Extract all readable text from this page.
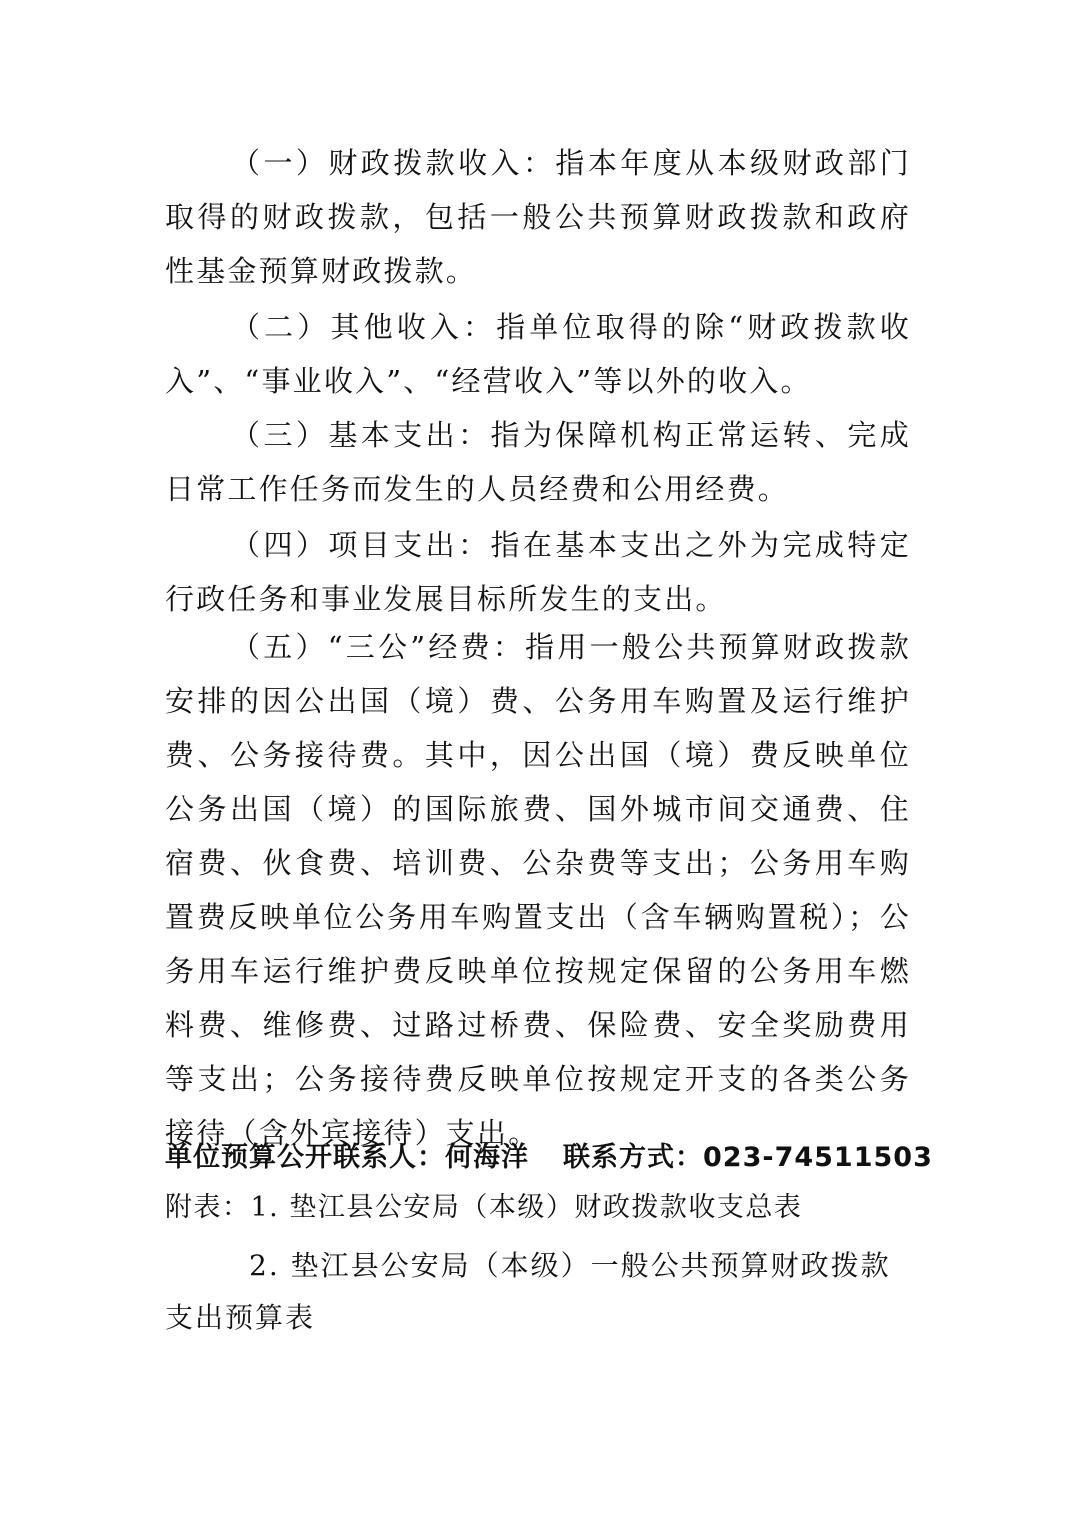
（一）财政拨款收入：指本年度从本级财政部门取得的财政拨款，包括一般公共预算财政拨款和政府性基金预算财政拨款。

（二）其他收入：指单位取得的除“财政拨款收入”、“事业收入”、“经营收入”等以外的收入。

（三）基本支出：指为保障机构正常运转、完成日常工作任务而发生的人员经费和公用经费。

（四）项目支出：指在基本支出之外为完成特定行政任务和事业发展目标所发生的支出。

（五）“三公”经费：指用一般公共预算财政拨款安排的因公出国（境）费、公务用车购置及运行维护费、公务接待费。其中，因公出国（境）费反映单位公务出国（境）的国际旅费、国外城市间交通费、住宿费、伙食费、培训费、公杂费等支出；公务用车购置费反映单位公务用车购置支出（含车辆购置税）；公务用车运行维护费反映单位按规定保留的公务用车燃料费、维修费、过路过桥费、保险费、安全奖励费用等支出；公务接待费反映单位按规定开支的各类公务接待（含外宾接待）支出。

单位预算公开联系人：何海洋 联系方式：023-74511503

附表：1. 垫江县公安局（本级）财政拨款收支总表

2. 垫江县公安局（本级）一般公共预算财政拨款支出预算表
